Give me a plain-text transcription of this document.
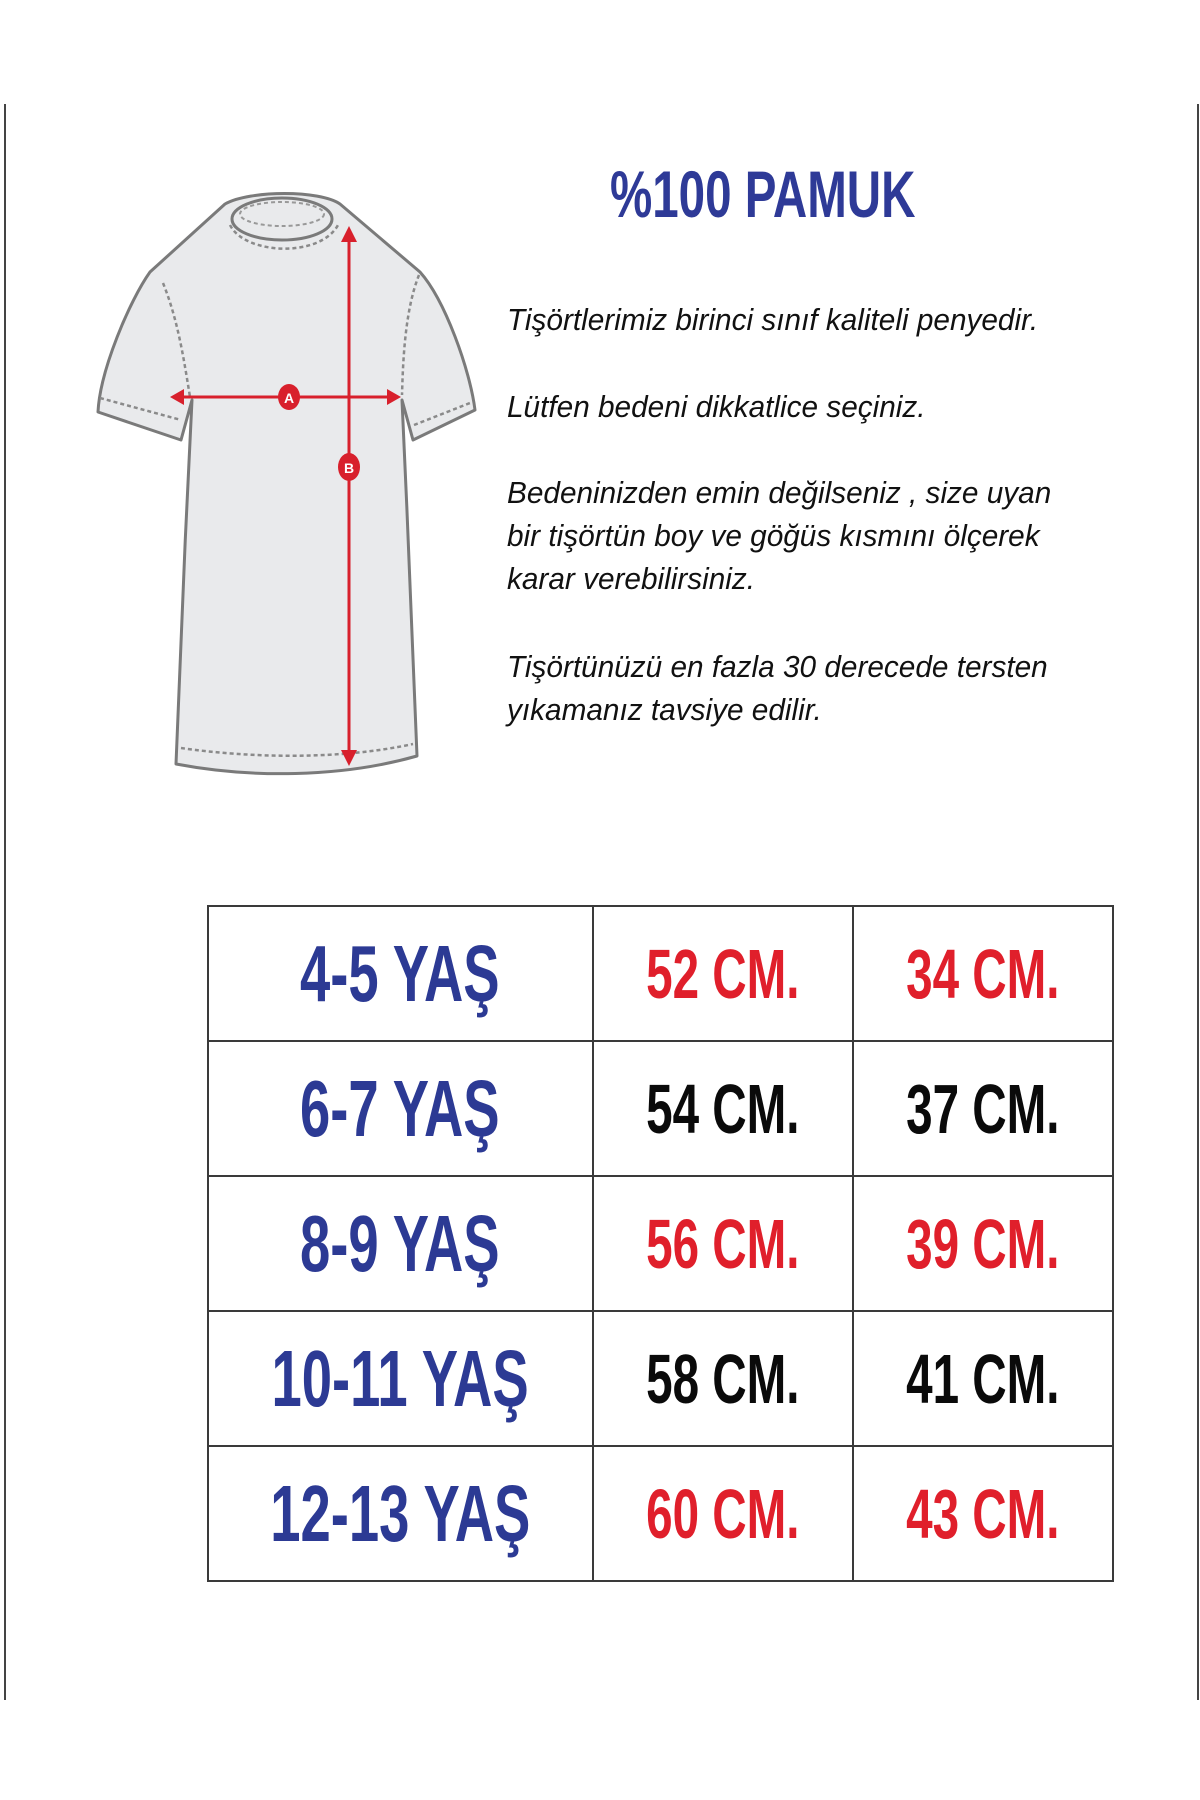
A
B
%100 PAMUK
Tişörtlerimiz birinci sınıf kaliteli penyedir.
Lütfen bedeni dikkatlice seçiniz.
Bedeninizden emin değilseniz , size uyan
bir tişörtün boy ve göğüs kısmını ölçerek
karar verebilirsiniz.
Tişörtünüzü en fazla 30 derecede tersten
yıkamanız tavsiye edilir.
4-5 YAŞ	52 CM.	34 CM.
6-7 YAŞ	54 CM.	37 CM.
8-9 YAŞ	56 CM.	39 CM.
10-11 YAŞ	58 CM.	41 CM.
12-13 YAŞ	60 CM.	43 CM.
